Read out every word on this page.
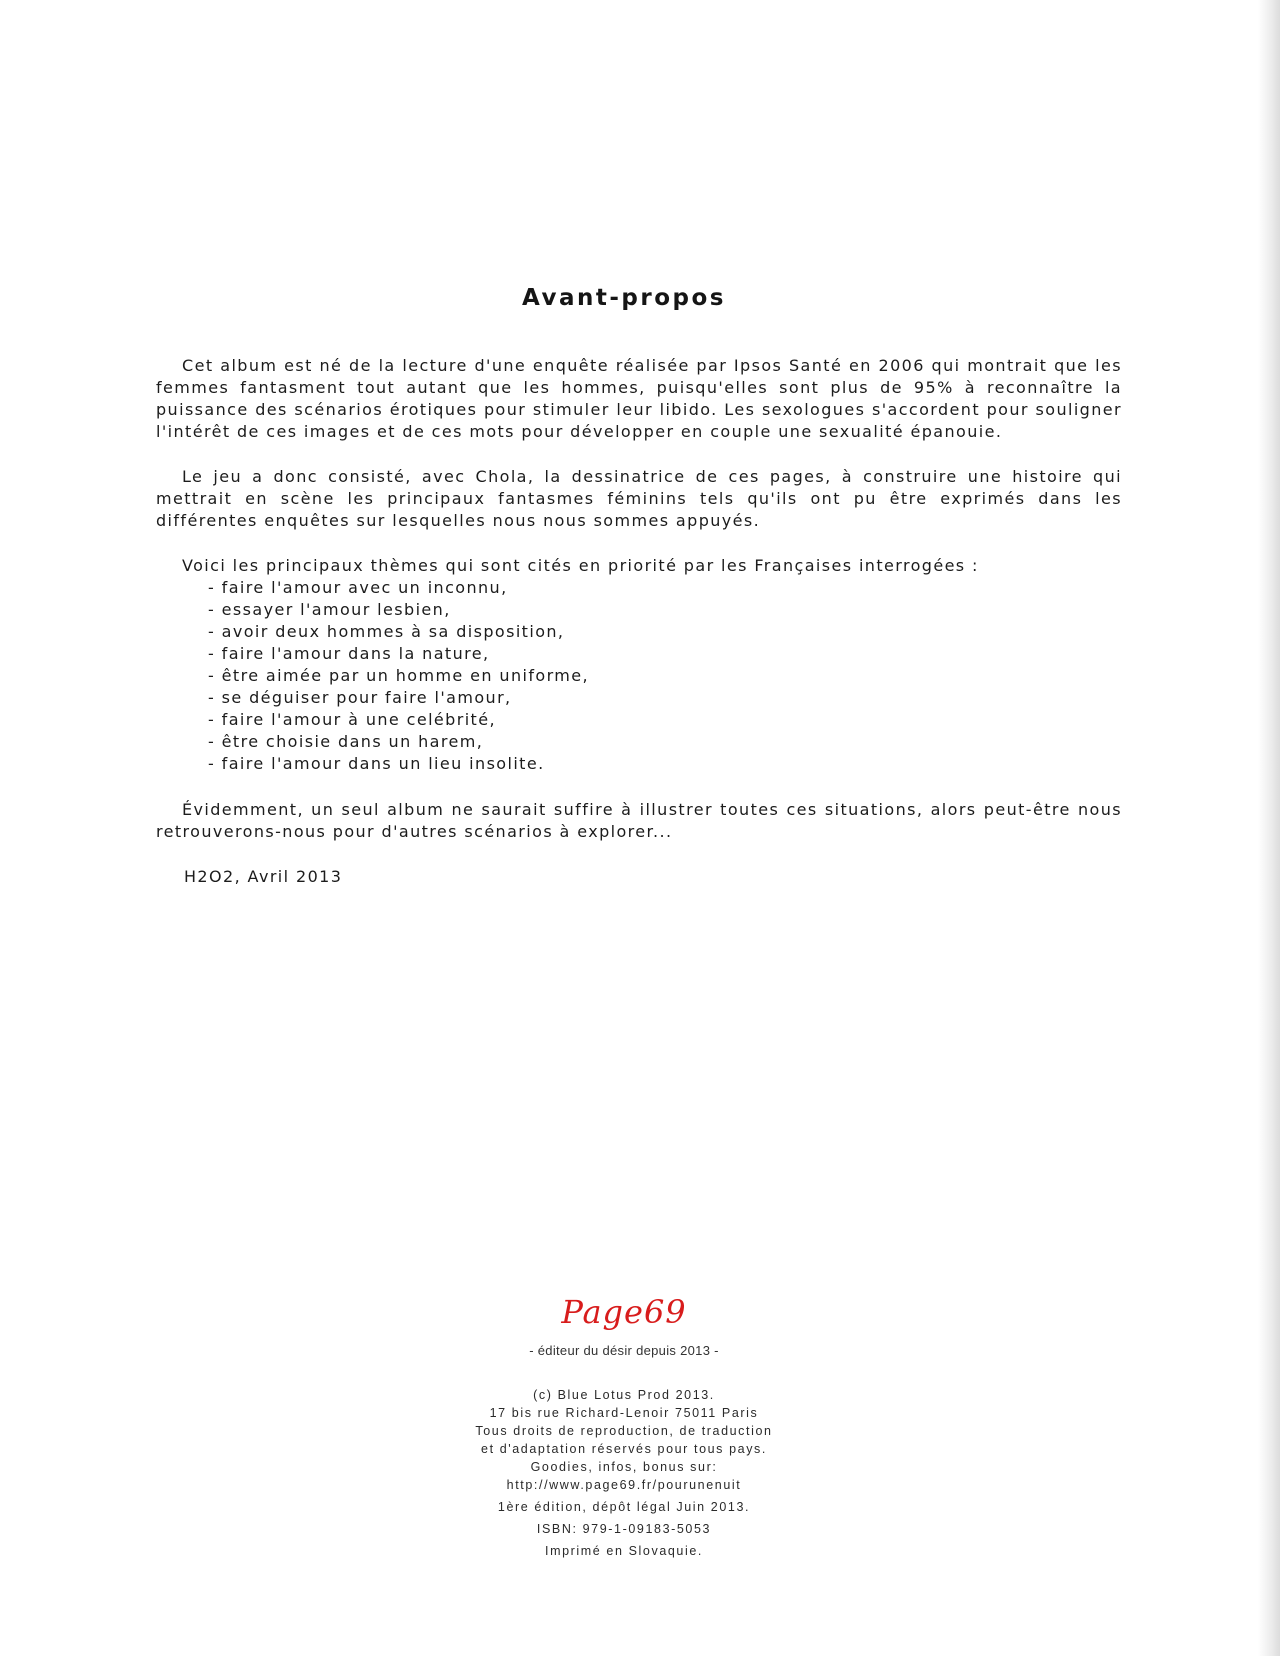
Avant-propos

Cet album est né de la lecture d'une enquête réalisée par Ipsos Santé en 2006 qui montrait que les femmes fantasment tout autant que les hommes, puisqu'elles sont plus de 95% à reconnaître la puissance des scénarios érotiques pour stimuler leur libido. Les sexologues s'accordent pour souligner l'intérêt de ces images et de ces mots pour développer en couple une sexualité épanouie.

Le jeu a donc consisté, avec Chola, la dessinatrice de ces pages, à construire une histoire qui mettrait en scène les principaux fantasmes féminins tels qu'ils ont pu être exprimés dans les différentes enquêtes sur lesquelles nous nous sommes appuyés.

Voici les principaux thèmes qui sont cités en priorité par les Françaises interrogées :

- faire l'amour avec un inconnu,
- essayer l'amour lesbien,
- avoir deux hommes à sa disposition,
- faire l'amour dans la nature,
- être aimée par un homme en uniforme,
- se déguiser pour faire l'amour,
- faire l'amour à une celébrité,
- être choisie dans un harem,
- faire l'amour dans un lieu insolite.

Évidemment, un seul album ne saurait suffire à illustrer toutes ces situations, alors peut-être nous retrouverons-nous pour d'autres scénarios à explorer...

H2O2, Avril 2013
Page69
- éditeur du désir depuis 2013 -
(c) Blue Lotus Prod 2013.
17 bis rue Richard-Lenoir 75011 Paris
Tous droits de reproduction, de traduction
et d'adaptation réservés pour tous pays.
Goodies, infos, bonus sur:
http://www.page69.fr/pourunenuit
1ère édition, dépôt légal Juin 2013.
ISBN: 979-1-09183-5053
Imprimé en Slovaquie.
